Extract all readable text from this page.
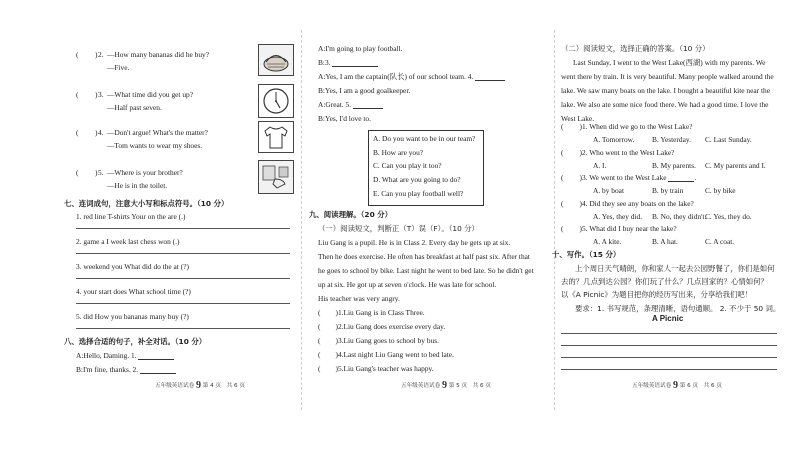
( ) 2. —How many bananas did he buy?
—Five.
( ) 3. —What time did you get up?
—Half past seven.
( ) 4. —Don't argue! What's the matter?
—Tom wants to wear my shoes.
( ) 5. —Where is your brother?
—He is in the toilet.
七、连词成句，注意大小写和标点符号。（10 分）
1. red line T-shirts Your on the are (.)
2. game a I week last chess won (.)
3. weekend you What did do the at (?)
4. your start does What school time (?)
5. did How you bananas many buy (?)
八、选择合适的句子，补全对话。（10 分）
A:Hello, Daming. 1.
B:I'm fine, thanks. 2.
五年级英语试卷 9 第 4 页　共 6 页
A:I'm going to play football.
B:3.
A:Yes, I am the captain(队长) of our school team. 4.
B:Yes, I am a good goalkeeper.
A:Great. 5.
B:Yes, I'd love to.
A. Do you want to be in our team?
B. How are you?
C. Can you play it too?
D. What are you going to do?
E. Can you play football well?
九、阅读理解。（20 分）
（一）阅读短文，判断正（T）误（F）。（10 分）
Liu Gang is a pupil. He is in Class 2. Every day he gets up at six.
Then he does exercise. He often has breakfast at half past six. After that
he goes to school by bike. Last night he went to bed late. So he didn't get
up at six. He got up at seven o'clock. He was late for school.
His teacher was very angry.
( )1.Liu Gang is in Class Three.
( )2.Liu Gang does exercise every day.
( )3.Liu Gang goes to school by bus.
( )4.Last night Liu Gang went to bed late.
( )5.Liu Gang's teacher was happy.
五年级英语试卷 9 第 5 页　共 6 页
（二）阅读短文，选择正确的答案。（10 分）
Last Sunday, I went to the West Lake(西湖) with my parents. We
went there by train. It is very beautiful. Many people walked around the
lake. We saw many boats on the lake. I bought a beautiful kite near the
lake. We also ate some nice food there. We had a good time. I love the
West Lake.
( )1. When did we go to the West Lake?
A. Tomorrow. B. Yesterday. C. Last Sunday.
( )2. Who went to the West Lake?
A. I.	B. My parents. C. My parents and I.
( )3. We went to the West Lake	.
A. by boat	B. by train	C. by bike
( )4. Did they see any boats on the lake?
A. Yes, they did. B. No, they didn't.
C. Yes, they do.
( )5. What did I buy near the lake?
A. A kite.	B. A hat.	C. A coat.
十、写作。（15 分）
上个周日天气晴朗，你和家人一起去公园野餐了，你们是如何
去的？几点到达公园？你们玩了什么？几点回家的？心情如何？
以《A Picnic》为题目把你的经历写出来，分享给我们吧！
要求：1. 书写规范，条理清晰，语句通顺。 2. 不少于 50 词。
A Picnic
五年级英语试卷 9 第 6 页　共 6 页
